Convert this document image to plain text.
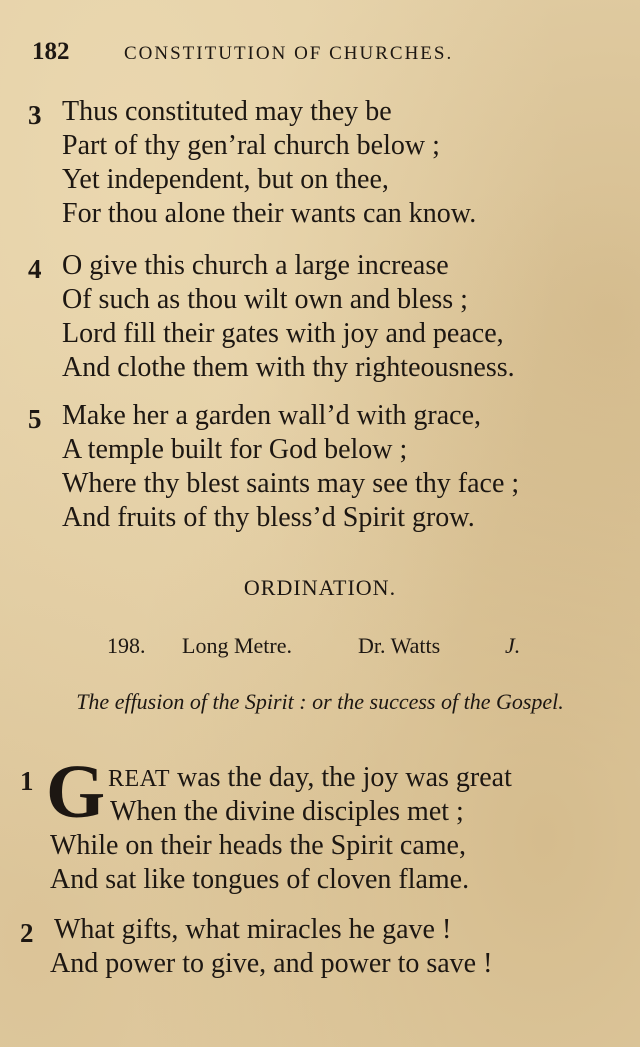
182	CONSTITUTION OF CHURCHES.
3 Thus constituted may they be
Part of thy gen’ral church below ;
Yet independent, but on thee,
For thou alone their wants can know.
4 O give this church a large increase
Of such as thou wilt own and bless ;
Lord fill their gates with joy and peace,
And clothe them with thy righteousness.
5 Make her a garden wall’d with grace,
A temple built for God below ;
Where thy blest saints may see thy face ;
And fruits of thy bless’d Spirit grow.
ORDINATION.
198. Long Metre.	Dr. Watts	J.
The effusion of the Spirit : or the success of the Gospel.
1 G REAT was the day, the joy was great
When the divine disciples met ;
While on their heads the Spirit came,
And sat like tongues of cloven flame.
2 What gifts, what miracles he gave !
And power to give, and power to save !
